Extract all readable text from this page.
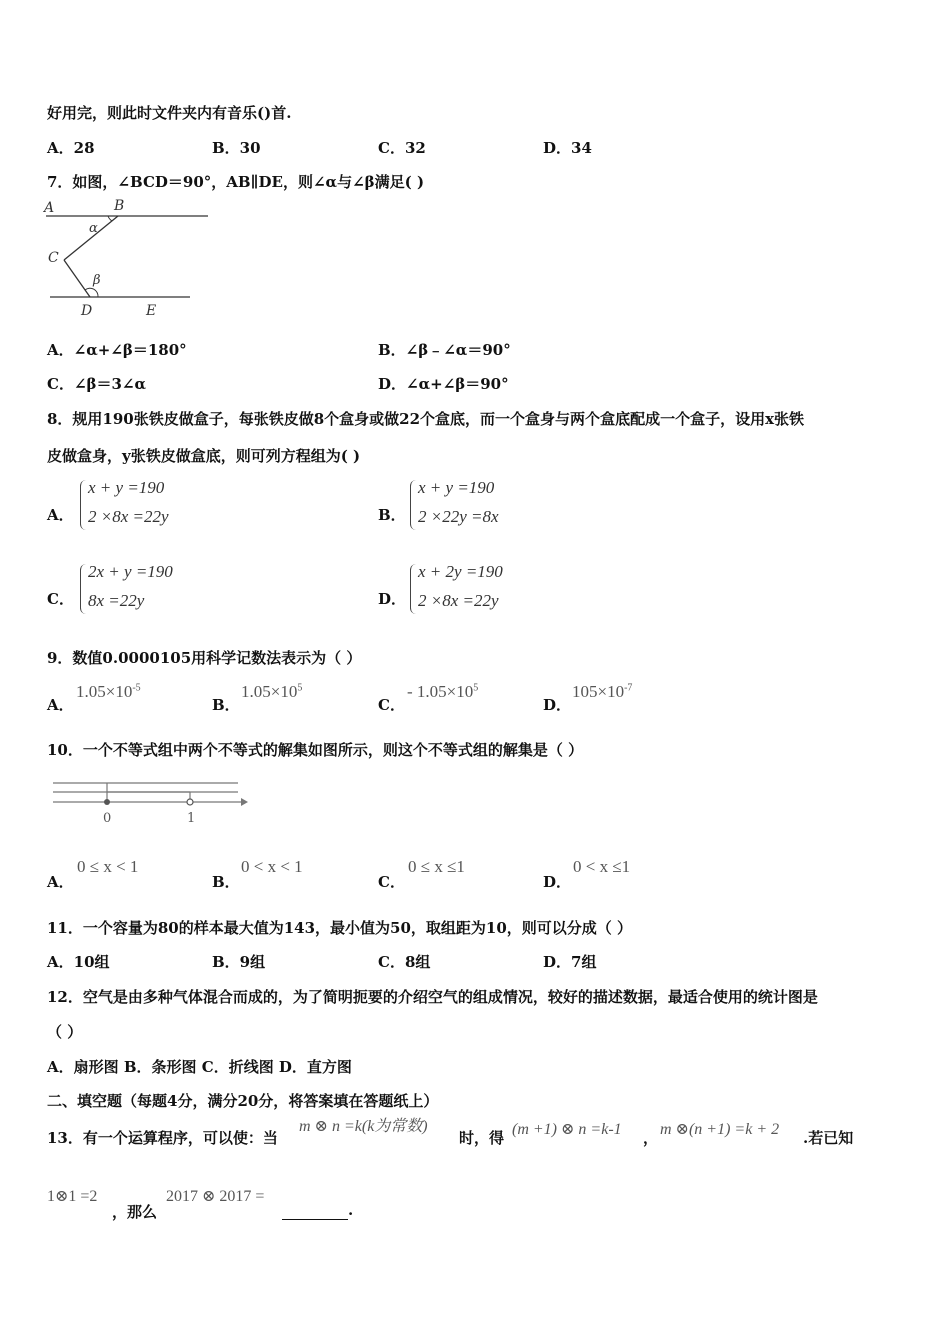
好用完，则此时文件夹内有音乐()首.
A．28	B．30	C．32	D．34
7．如图，∠BCD＝90°，AB∥DE，则∠α与∠β满足( )
A	B
C
D	E
α
β
A．∠α+∠β＝180°	B．∠β﹣∠α＝90°
C．∠β＝3∠α	D．∠α+∠β＝90°
8．规用190张铁皮做盒子，每张铁皮做8个盒身或做22个盒底，而一个盒身与两个盒底配成一个盒子，设用x张铁
皮做盒身，y张铁皮做盒底，则可列方程组为( )
A．
x + y =190
2 ×8x =22y	B．
x + y =190
2 ×22y =8x
C．
2x + y =190
8x =22y	D．
x + 2y =190
2 ×8x =22y
9．数值0.0000105用科学记数法表示为（ ）
A．
$1.05\times 10^{-5}$
B．
$1.05\times 10^5$
C．
- $1.05\times 10^5$
D．
$105\times 10^{-7}$
10．一个不等式组中两个不等式的解集如图所示，则这个不等式组的解集是（ ）
0	1
A．
0 ≤ x < 1
B．
0 < x < 1
C．
0 ≤ x ≤1
D．
0 < x ≤1
11．一个容量为80的样本最大值为143，最小值为50，取组距为10，则可以分成（ ）
A．10组	B．9组	C．8组	D．7组
12．空气是由多种气体混合而成的，为了简明扼要的介绍空气的组成情况，较好的描述数据，最适合使用的统计图是
（ ）
A．扇形图 B．条形图 C．折线图 D．直方图
二、填空题（每题4分，满分20分，将答案填在答题纸上）
13．有一个运算程序，可以使：当
m ⊗ n =k(k为常数)
时，得 (m +1) ⊗ n =k-1 ， m ⊗(n +1) =k + 2 .若已知
1⊗1 =2
，那么
2017 ⊗ 2017 =
.
